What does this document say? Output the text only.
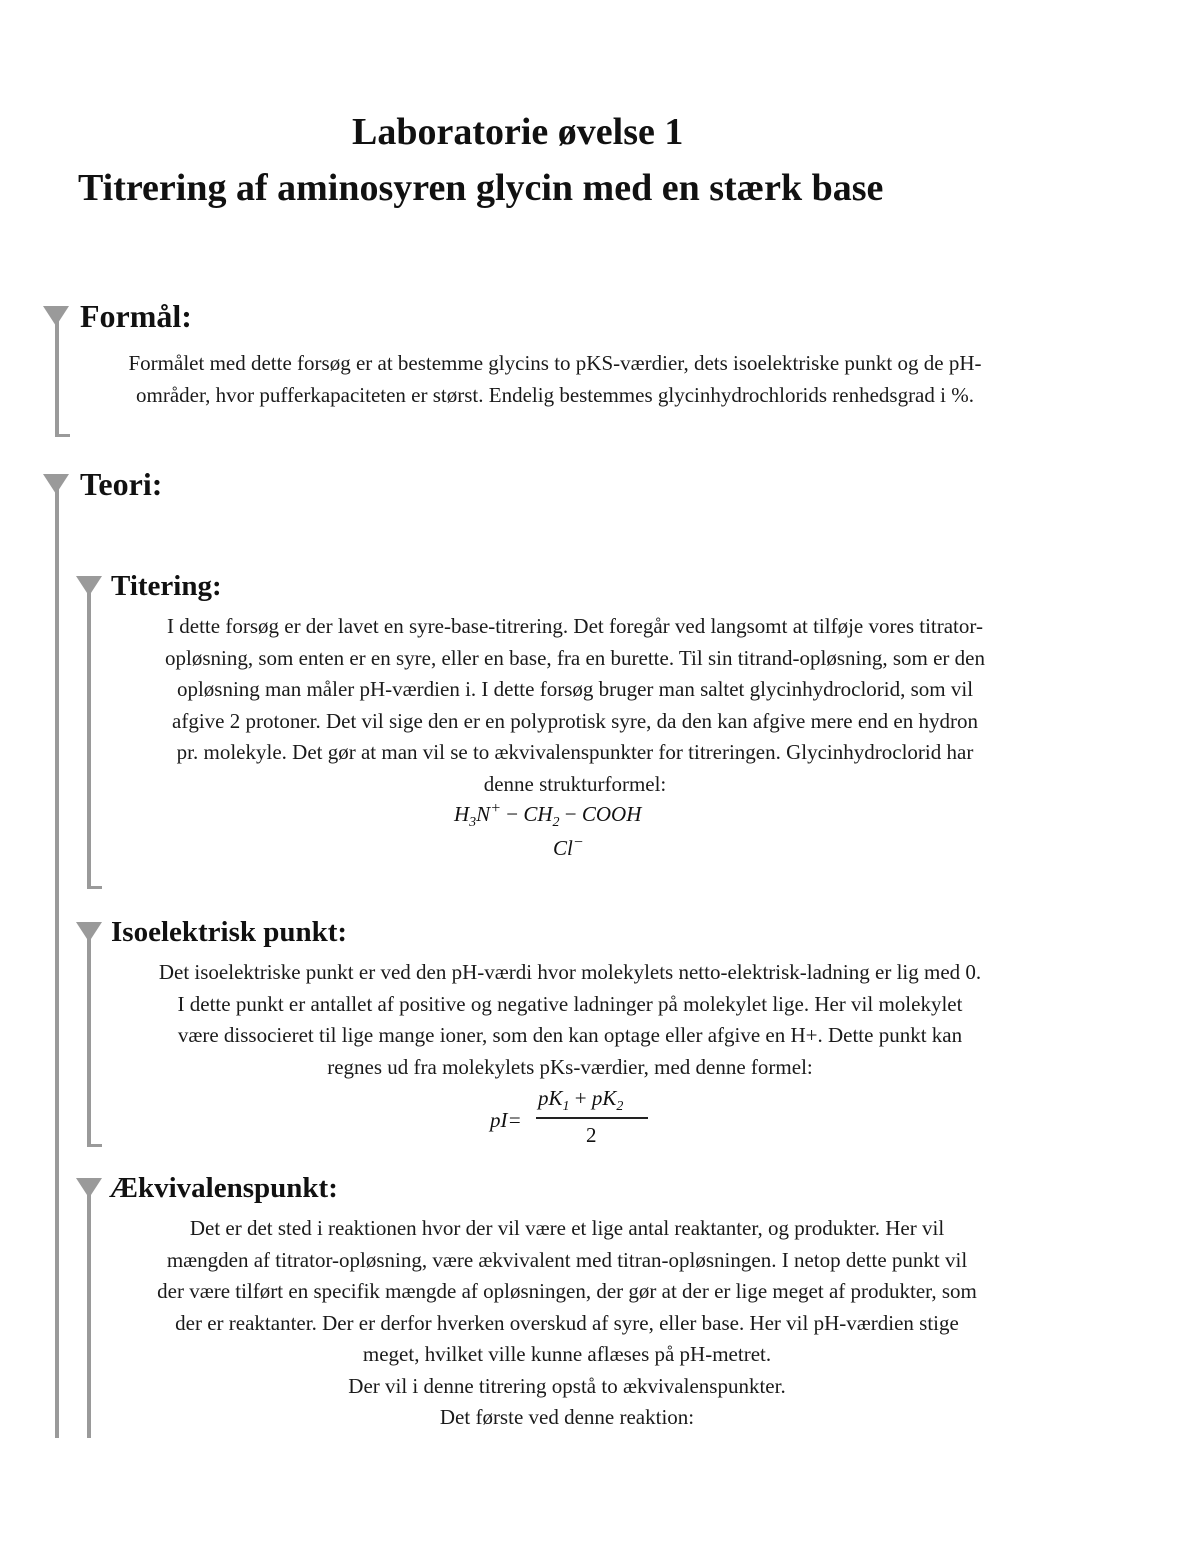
Laboratorie øvelse 1
Titrering af aminosyren glycin med en stærk base
Formål:
Formålet med dette forsøg er at bestemme glycins to pKS-værdier, dets isoelektriske punkt og de pH-
områder, hvor pufferkapaciteten er størst. Endelig bestemmes glycinhydrochlorids renhedsgrad i %.
Teori:
Titering:
I dette forsøg er der lavet en syre-base-titrering. Det foregår ved langsomt at tilføje vores titrator-
opløsning, som enten er en syre, eller en base, fra en burette. Til sin titrand-opløsning, som er den
opløsning man måler pH-værdien i. I dette forsøg bruger man saltet glycinhydroclorid, som vil
afgive 2 protoner. Det vil sige den er en polyprotisk syre, da den kan afgive mere end en hydron
pr. molekyle. Det gør at man vil se to ækvivalenspunkter for titreringen. Glycinhydroclorid har
denne strukturformel:
$H_3N^+ - CH_2$ − COOH
Cl−
Isoelektrisk punkt:
Det isoelektriske punkt er ved den pH-værdi hvor molekylets netto-elektrisk-ladning er lig med 0.
I dette punkt er antallet af positive og negative ladninger på molekylet lige. Her vil molekylet
være dissocieret til lige mange ioner, som den kan optage eller afgive en H+. Dette punkt kan
regnes ud fra molekylets pKs-værdier, med denne formel:
pI=
$pK_1 + pK_2$
2
Ækvivalenspunkt:
Det er det sted i reaktionen hvor der vil være et lige antal reaktanter, og produkter. Her vil
mængden af titrator-opløsning, være ækvivalent med titran-opløsningen. I netop dette punkt vil
der være tilført en specifik mængde af opløsningen, der gør at der er lige meget af produkter, som
der er reaktanter. Der er derfor hverken overskud af syre, eller base. Her vil pH-værdien stige
meget, hvilket ville kunne aflæses på pH-metret.
Der vil i denne titrering opstå to ækvivalenspunkter.
Det første ved denne reaktion:
